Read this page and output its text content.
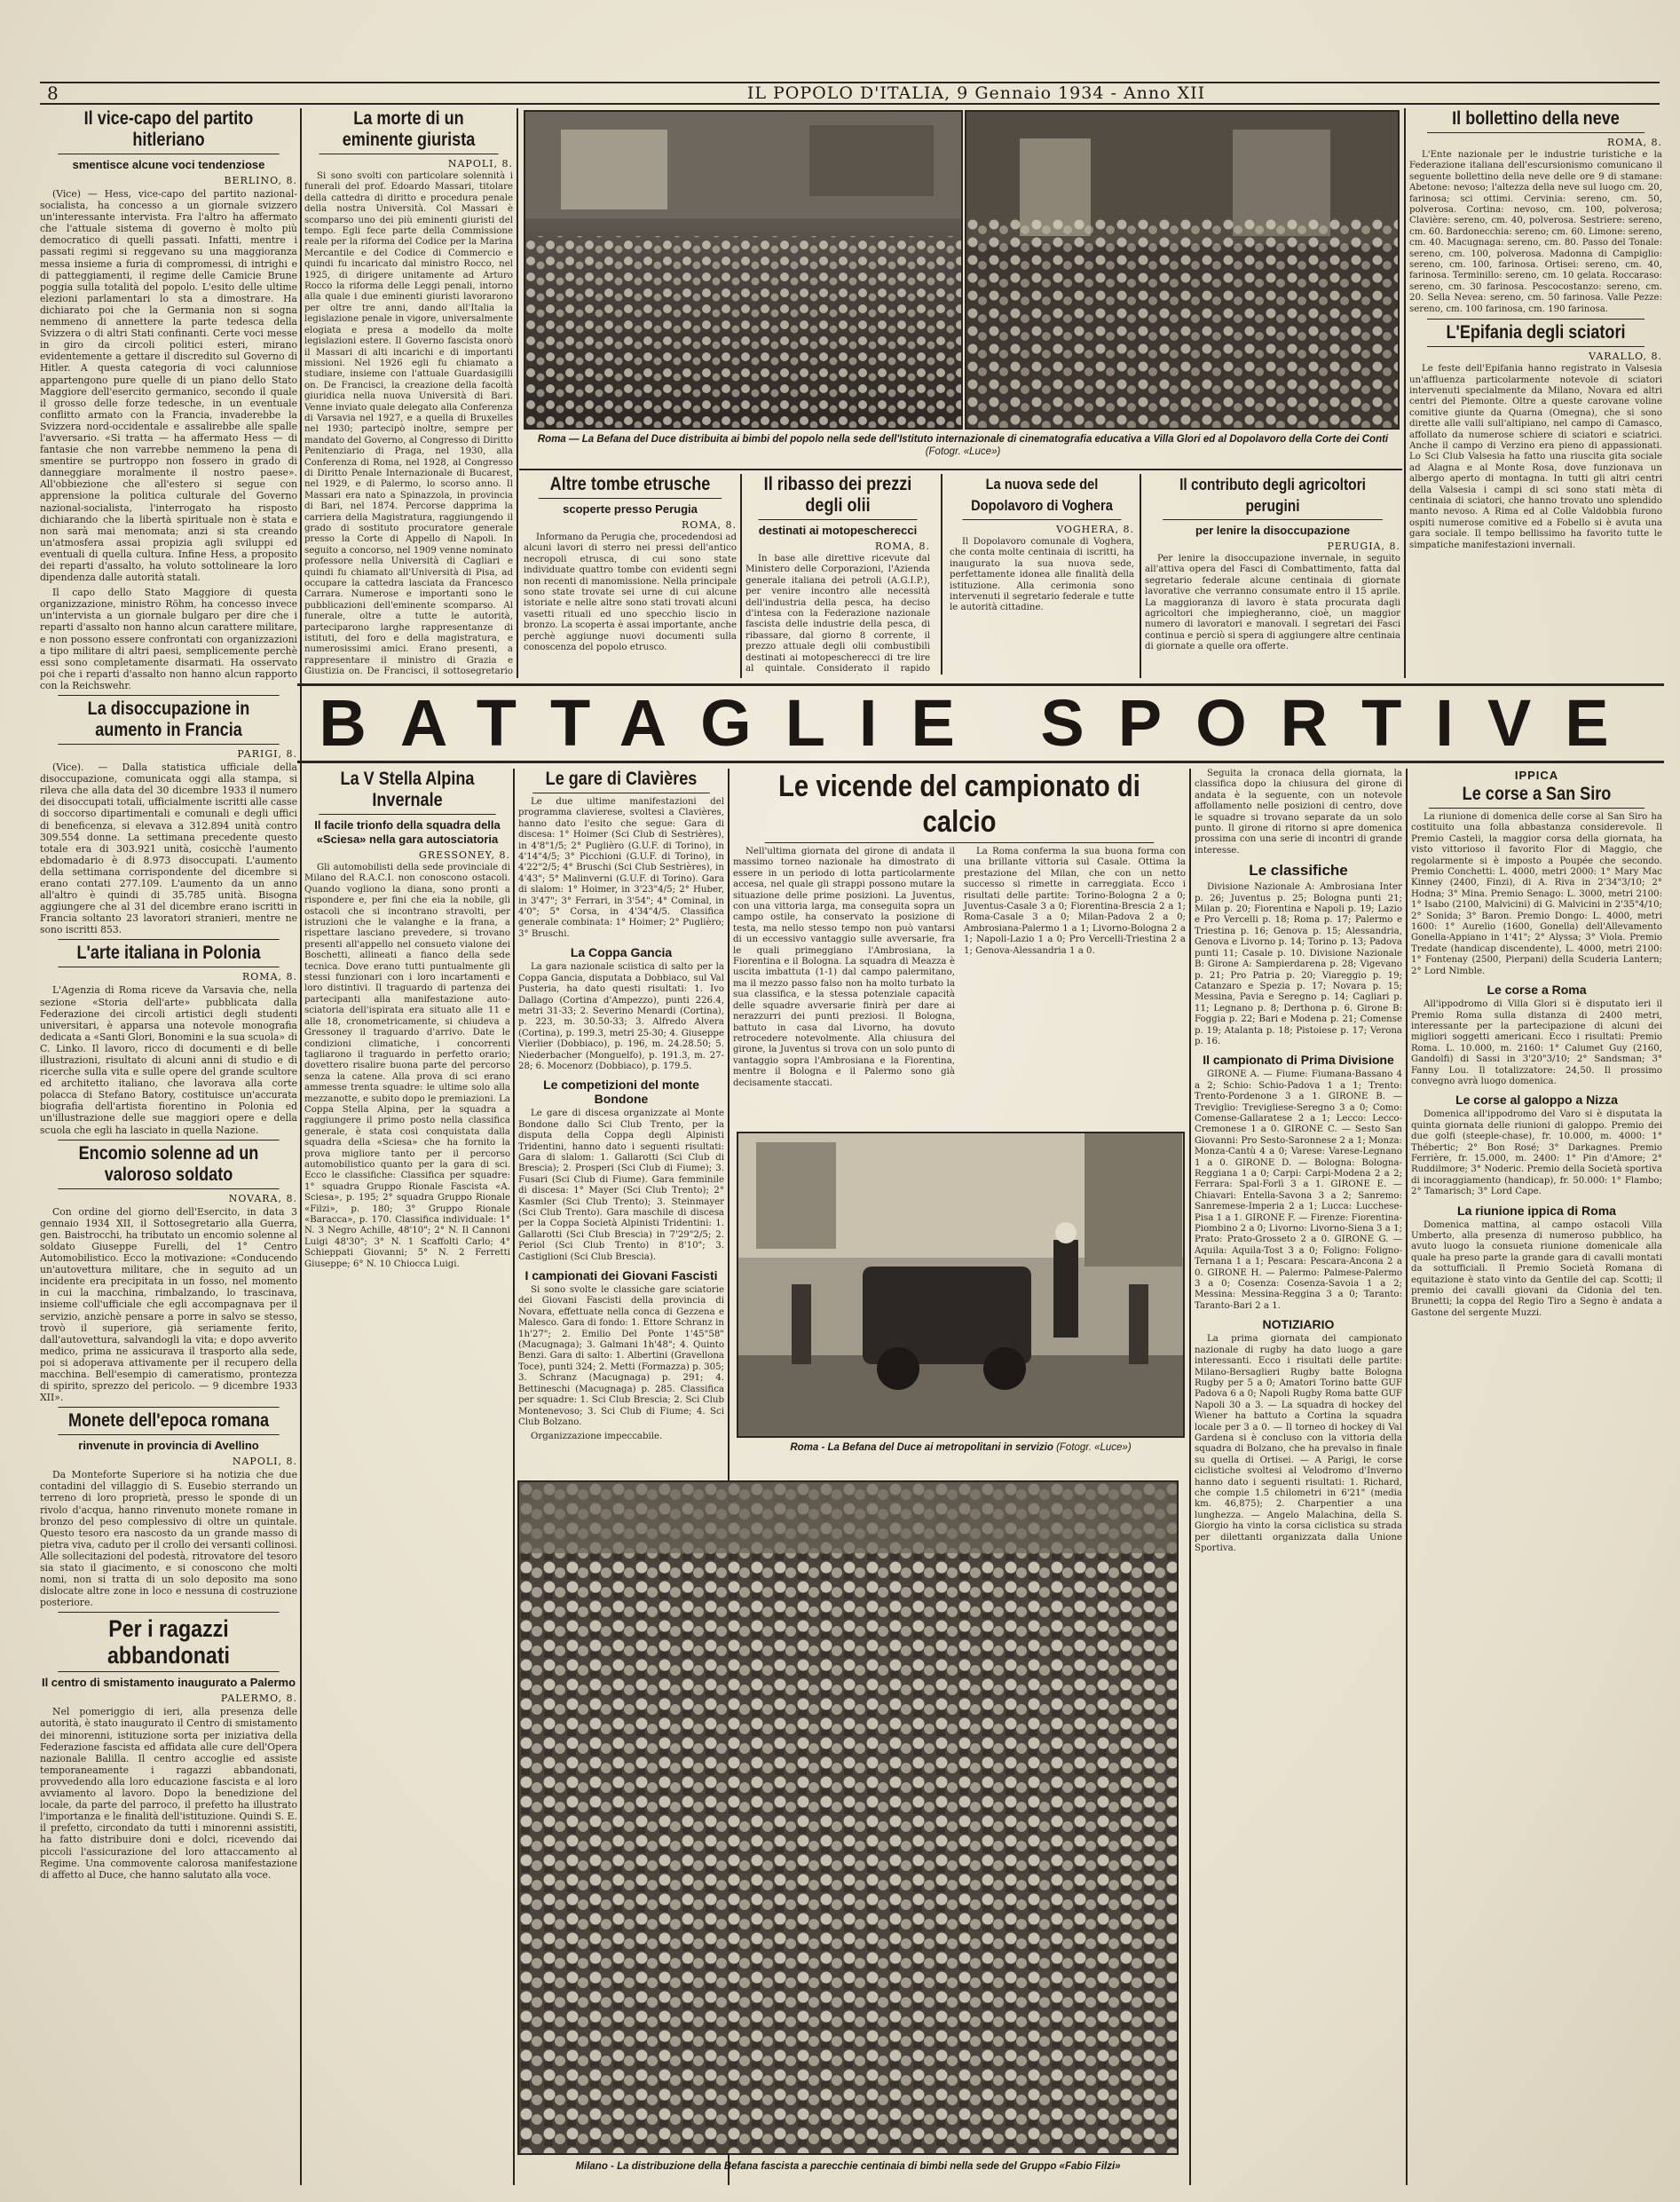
8	IL POPOLO D'ITALIA, 9 Gennaio 1934 - Anno XII
Il vice-capo del partito hitleriano
smentisce alcune voci tendenziose
BERLINO, 8.

(Vice) — Hess, vice-capo del partito nazional-socialista, ha concesso a un giornale svizzero un'interessante intervista. Fra l'altro ha affermato che l'attuale sistema di governo è molto più democratico di quelli passati. Infatti, mentre i passati regimi si reggevano su una maggioranza messa insieme a furia di compromessi, di intrighi e di patteggiamenti, il regime delle Camicie Brune poggia sulla totalità del popolo. L'esito delle ultime elezioni parlamentari lo sta a dimostrare. Ha dichiarato poi che la Germania non si sogna nemmeno di annettere la parte tedesca della Svizzera o di altri Stati confinanti. Certe voci messe in giro da circoli politici esteri, mirano evidentemente a gettare il discredito sul Governo di Hitler. A questa categoria di voci calunniose appartengono pure quelle di un piano dello Stato Maggiore dell'esercito germanico, secondo il quale il grosso delle forze tedesche, in un eventuale conflitto armato con la Francia, invaderebbe la Svizzera nord-occidentale e assalirebbe alle spalle l'avversario. «Si tratta — ha affermato Hess — di fantasie che non varrebbe nemmeno la pena di smentire se purtroppo non fossero in grado di danneggiare moralmente il nostro paese». All'obbiezione che all'estero si segue con apprensione la politica culturale del Governo nazional-socialista, l'interrogato ha risposto dichiarando che la libertà spirituale non è stata e non sarà mai menomata; anzi si sta creando un'atmosfera assai propizia agli sviluppi ed eventuali di quella cultura. Infine Hess, a proposito dei reparti d'assalto, ha voluto sottolineare la loro dipendenza dalle autorità statali.

Il capo dello Stato Maggiore di questa organizzazione, ministro Röhm, ha concesso invece un'intervista a un giornale bulgaro per dire che i reparti d'assalto non hanno alcun carattere militare, e non possono essere confrontati con organizzazioni a tipo militare di altri paesi, semplicemente perchè essi sono completamente disarmati. Ha osservato poi che i reparti d'assalto non hanno alcun rapporto con la Reichswehr.

La disoccupazione in aumento in Francia
PARIGI, 8.

(Vice). — Dalla statistica ufficiale della disoccupazione, comunicata oggi alla stampa, si rileva che alla data del 30 dicembre 1933 il numero dei disoccupati totali, ufficialmente iscritti alle casse di soccorso dipartimentali e comunali e degli uffici di beneficenza, si elevava a 312.894 unità contro 309.554 donne. La settimana precedente questo totale era di 303.921 unità, cosicchè l'aumento ebdomadario è di 8.973 disoccupati. L'aumento della settimana corrispondente del dicembre si erano contati 277.109. L'aumento da un anno all'altro è quindi di 35.785 unità. Bisogna aggiungere che al 31 del dicembre erano iscritti in Francia soltanto 23 lavoratori stranieri, mentre ne sono iscritti 853.

L'arte italiana in Polonia
ROMA, 8.

L'Agenzia di Roma riceve da Varsavia che, nella sezione «Storia dell'arte» pubblicata dalla Federazione dei circoli artistici degli studenti universitari, è apparsa una notevole monografia dedicata a «Santi Glori, Bonomini e la sua scuola» di C. Linko. Il lavoro, ricco di documenti e di belle illustrazioni, risultato di alcuni anni di studio e di ricerche sulla vita e sulle opere del grande scultore ed architetto italiano, che lavorava alla corte polacca di Stefano Batory, costituisce un'accurata biografia dell'artista fiorentino in Polonia ed un'illustrazione delle sue maggiori opere e della scuola che egli ha lasciato in quella Nazione.

Encomio solenne ad un valoroso soldato
NOVARA, 8.

Con ordine del giorno dell'Esercito, in data 3 gennaio 1934 XII, il Sottosegretario alla Guerra, gen. Baistrocchi, ha tributato un encomio solenne al soldato Giuseppe Furelli, del 1° Centro Automobilistico. Ecco la motivazione: «Conducendo un'autovettura militare, che in seguito ad un incidente era precipitata in un fosso, nel momento in cui la macchina, rimbalzando, lo trascinava, insieme coll'ufficiale che egli accompagnava per il servizio, anzichè pensare a porre in salvo se stesso, trovò il superiore, già seriamente ferito, dall'autovettura, salvandogli la vita; e dopo avverito medico, prima ne assicurava il trasporto alla sede, poi si adoperava attivamente per il recupero della macchina. Bell'esempio di cameratismo, prontezza di spirito, sprezzo del pericolo. — 9 dicembre 1933 XII».

Monete dell'epoca romana
rinvenute in provincia di Avellino
NAPOLI, 8.

Da Monteforte Superiore si ha notizia che due contadini del villaggio di S. Eusebio sterrando un terreno di loro proprietà, presso le sponde di un rivolo d'acqua, hanno rinvenuto monete romane in bronzo del peso complessivo di oltre un quintale. Questo tesoro era nascosto da un grande masso di pietra viva, caduto per il crollo dei versanti collinosi. Alle sollecitazioni del podestà, ritrovatore del tesoro sia stato il giacimento, e si conoscono che molti nomi, non si tratta di un solo deposito ma sono dislocate altre zone in loco e nessuna di costruzione posteriore.

Per i ragazzi abbandonati
Il centro di smistamento inaugurato a Palermo
PALERMO, 8.

Nel pomeriggio di ieri, alla presenza delle autorità, è stato inaugurato il Centro di smistamento dei minorenni, istituzione sorta per iniziativa della Federazione fascista ed affidata alle cure dell'Opera nazionale Balilla. Il centro accoglie ed assiste temporaneamente i ragazzi abbandonati, provvedendo alla loro educazione fascista e al loro avviamento al lavoro. Dopo la benedizione del locale, da parte del parroco, il prefetto ha illustrato l'importanza e le finalità dell'istituzione. Quindi S. E. il prefetto, circondato da tutti i minorenni assistiti, ha fatto distribuire doni e dolci, ricevendo dai piccoli l'assicurazione del loro attaccamento al Regime. Una commovente calorosa manifestazione di affetto al Duce, che hanno salutato alla voce.

La morte di un eminente giurista
NAPOLI, 8.

Si sono svolti con particolare solennità i funerali del prof. Edoardo Massari, titolare della cattedra di diritto e procedura penale della nostra Università. Col Massari è scomparso uno dei più eminenti giuristi del tempo. Egli fece parte della Commissione reale per la riforma del Codice per la Marina Mercantile e del Codice di Commercio e quindi fu incaricato dal ministro Rocco, nel 1925, di dirigere unitamente ad Arturo Rocco la riforma delle Leggi penali, intorno alla quale i due eminenti giuristi lavorarono per oltre tre anni, dando all'Italia la legislazione penale in vigore, universalmente elogiata e presa a modello da molte legislazioni estere. Il Governo fascista onorò il Massari di alti incarichi e di importanti missioni. Nel 1926 egli fu chiamato a studiare, insieme con l'attuale Guardasigilli on. De Francisci, la creazione della facoltà giuridica nella nuova Università di Bari. Venne inviato quale delegato alla Conferenza di Varsavia nel 1927, e a quella di Bruxelles nel 1930; partecipò inoltre, sempre per mandato del Governo, al Congresso di Diritto Penitenziario di Praga, nel 1930, alla Conferenza di Roma, nel 1928, al Congresso di Diritto Penale Internazionale di Bucarest, nel 1929, e di Palermo, lo scorso anno. Il Massari era nato a Spinazzola, in provincia di Bari, nel 1874. Percorse dapprima la carriera della Magistratura, raggiungendo il grado di sostituto procuratore generale presso la Corte di Appello di Napoli. In seguito a concorso, nel 1909 venne nominato professore nella Università di Cagliari e quindi fu chiamato all'Università di Pisa, ad occupare la cattedra lasciata da Francesco Carrara. Numerose e importanti sono le pubblicazioni dell'eminente scomparso. Al funerale, oltre a tutte le autorità, parteciparono larghe rappresentanze di istituti, del foro e della magistratura, e numerosissimi amici. Erano presenti, a rappresentare il ministro di Grazia e Giustizia on. De Francisci, il sottosegretario

Roma — La Befana del Duce distribuita ai bimbi del popolo nella sede dell'Istituto internazionale di cinematografia educativa a Villa Glori ed al Dopolavoro della Corte dei Conti (Fotogr. «Luce»)
Altre tombe etrusche
scoperte presso Perugia
ROMA, 8.

Informano da Perugia che, procedendosi ad alcuni lavori di sterro nei pressi dell'antico necropoli etrusca, di cui sono state individuate quattro tombe con evidenti segni non recenti di manomissione. Nella principale sono state trovate sei urne di cui alcune istoriate e nelle altre sono stati trovati alcuni vasetti rituali ed uno specchio liscio in bronzo. La scoperta è assai importante, anche perchè aggiunge nuovi documenti sulla conoscenza del popolo etrusco.

Il ribasso dei prezzi degli olii
destinati ai motopescherecci
ROMA, 8.

In base alle direttive ricevute dal Ministero delle Corporazioni, l'Azienda generale italiana dei petroli (A.G.I.P.), per venire incontro alle necessità dell'industria della pesca, ha deciso d'intesa con la Federazione nazionale fascista delle industrie della pesca, di ribassare, dal giorno 8 corrente, il prezzo attuale degli olii combustibili destinati ai motopescherecci di tre lire al quintale. Considerato il rapido

La nuova sede del Dopolavoro di Voghera
VOGHERA, 8.

Il Dopolavoro comunale di Voghera, che conta molte centinaia di iscritti, ha inaugurato la sua nuova sede, perfettamente idonea alle finalità della istituzione. Alla cerimonia sono intervenuti il segretario federale e tutte le autorità cittadine.

Il contributo degli agricoltori perugini
per lenire la disoccupazione
PERUGIA, 8.

Per lenire la disoccupazione invernale, in seguito all'attiva opera del Fasci di Combattimento, fatta dal segretario federale alcune centinaia di giornate lavorative che verranno consumate entro il 15 aprile. La maggioranza di lavoro è stata procurata dagli agricoltori che impiegheranno, cioè, un maggior numero di lavoratori e manovali. I segretari dei Fasci continua e perciò si spera di aggiungere altre centinaia di giornate a quelle ora offerte.

Il bollettino della neve
ROMA, 8.

L'Ente nazionale per le industrie turistiche e la Federazione italiana dell'escursionismo comunicano il seguente bollettino della neve delle ore 9 di stamane: Abetone: nevoso; l'altezza della neve sul luogo cm. 20, farinosa; sci ottimi. Cervinia: sereno, cm. 50, polverosa. Cortina: nevoso, cm. 100, polverosa; Clavière: sereno, cm. 40, polverosa. Sestriere: sereno, cm. 60. Bardonecchia: sereno; cm. 60. Limone: sereno, cm. 40. Macugnaga: sereno, cm. 80. Passo del Tonale: sereno, cm. 100, polverosa. Madonna di Campiglio: sereno, cm. 100, farinosa. Ortisei: sereno, cm. 40, farinosa. Terminillo: sereno, cm. 10 gelata. Roccaraso: sereno, cm. 30 farinosa. Pescocostanzo: sereno, cm. 20. Sella Nevea: sereno, cm. 50 farinosa. Valle Pezze: sereno, cm. 100 farinosa, cm. 190 farinosa.

L'Epifania degli sciatori
VARALLO, 8.

Le feste dell'Epifania hanno registrato in Valsesia un'affluenza particolarmente notevole di sciatori intervenuti specialmente da Milano, Novara ed altri centri del Piemonte. Oltre a queste carovane voline comitive giunte da Quarna (Omegna), che si sono dirette alle valli sull'altipiano, nel campo di Camasco, affollato da numerose schiere di sciatori e sciatrici. Anche il campo di Verzino era pieno di appassionati. Lo Sci Club Valsesia ha fatto una riuscita gita sociale ad Alagna e al Monte Rosa, dove funzionava un albergo aperto di montagna. In tutti gli altri centri della Valsesia i campi di sci sono stati mèta di centinaia di sciatori, che hanno trovato uno splendido manto nevoso. A Rima ed al Colle Valdobbia furono ospiti numerose comitive ed a Fobello si è avuta una gara sociale. Il tempo bellissimo ha favorito tutte le simpatiche manifestazioni invernali.

BATTAGLIE SPORTIVE
La V Stella Alpina Invernale
Il facile trionfo della squadra della «Sciesa» nella gara autosciatoria
GRESSONEY, 8.

Gli automobilisti della sede provinciale di Milano del R.A.C.I. non conoscono ostacoli. Quando vogliono la diana, sono pronti a rispondere e, per fini che eia la nobile, gli ostacoli che si incontrano stravolti, per istruzioni che le valanghe e la frana, a rispettare lasciano prevedere, si trovano presenti all'appello nel consueto vialone dei Boschetti, allineati a fianco della sede tecnica. Dove erano tutti puntualmente gli stessi funzionari con i loro incartamenti e loro distintivi. Il traguardo di partenza dei partecipanti alla manifestazione auto-sciatoria dell'ispirata era situato alle 11 e alle 18, cronometricamente, si chiudeva a Gressoney il traguardo d'arrivo. Date le condizioni climatiche, i concorrenti tagliarono il traguardo in perfetto orario; dovettero risalire buona parte del percorso senza la catene. Alla prova di sci erano ammesse trenta squadre: le ultime solo alla mezzanotte, e subito dopo le premiazioni. La Coppa Stella Alpina, per la squadra a raggiungere il primo posto nella classifica generale, è stata così conquistata dalla squadra della «Sciesa» che ha fornito la prova migliore tanto per il percorso automobilistico quanto per la gara di sci. Ecco le classifiche: Classifica per squadre: 1° squadra Gruppo Rionale Fascista «A. Sciesa», p. 195; 2° squadra Gruppo Rionale «Filzi», p. 180; 3° Gruppo Rionale «Baracca», p. 170. Classifica individuale: 1° N. 3 Negro Achille, 48'10"; 2° N. Il Cannoni Luigi 48'30"; 3° N. 1 Scaffolti Carlo; 4° Schieppati Giovanni; 5° N. 2 Ferretti Giuseppe; 6° N. 10 Chiocca Luigi.

Le gare di Clavières

Le due ultime manifestazioni del programma clavierese, svoltesi a Clavières, hanno dato l'esito che segue: Gara di discesa: 1° Hoimer (Sci Club di Sestrières), in 4'8"1/5; 2° Puglièro (G.U.F. di Torino), in 4'14"4/5; 3° Picchioni (G.U.F. di Torino), in 4'22"2/5; 4° Bruschi (Sci Club Sestrières), in 4'43"; 5° Malinverni (G.U.F. di Torino). Gara di slalom: 1° Hoimer, in 3'23"4/5; 2° Huber, in 3'47"; 3° Ferrari, in 3'54"; 4° Cominal, in 4'0"; 5° Corsa, in 4'34"4/5. Classifica generale combinata: 1° Hoimer; 2° Puglièro; 3° Bruschi.

La Coppa Gancia

La gara nazionale sciistica di salto per la Coppa Gancia, disputata a Dobbiaco, sul Val Pusteria, ha dato questi risultati: 1. Ivo Dallago (Cortina d'Ampezzo), punti 226.4, metri 31-33; 2. Severino Menardi (Cortina), p. 223, m. 30.50-33; 3. Alfredo Alvera (Cortina), p. 199.3, metri 25-30; 4. Giuseppe Vierlier (Dobbiaco), p. 196, m. 24.28.50; 5. Niederbacher (Monguelfo), p. 191.3, m. 27-28; 6. Mocenorz (Dobbiaco), p. 179.5.

Le competizioni del monte Bondone

Le gare di discesa organizzate al Monte Bondone dallo Sci Club Trento, per la disputa della Coppa degli Alpinisti Tridentini, hanno dato i seguenti risultati: Gara di slalom: 1. Gallarotti (Sci Club di Brescia); 2. Prosperi (Sci Club di Fiume); 3. Fusari (Sci Club di Fiume). Gara femminile di discesa: 1° Mayer (Sci Club Trento); 2° Kasmler (Sci Club Trento); 3. Steinmayer (Sci Club Trento). Gara maschile di discesa per la Coppa Società Alpinisti Tridentini: 1. Gallarotti (Sci Club Brescia) in 7'29"2/5; 2. Periol (Sci Club Trento) in 8'10"; 3. Castiglioni (Sci Club Brescia).

I campionati dei Giovani Fascisti

Si sono svolte le classiche gare sciatorie dei Giovani Fascisti della provincia di Novara, effettuate nella conca di Gezzena e Malesco. Gara di fondo: 1. Ettore Schranz in 1h'27"; 2. Emilio Del Ponte 1'45"58" (Macugnaga); 3. Galmani 1h'48"; 4. Quinto Benzi. Gara di salto: 1. Albertini (Gravellona Toce), punti 324; 2. Metti (Formazza) p. 305; 3. Schranz (Macugnaga) p. 291; 4. Bettineschi (Macugnaga) p. 285. Classifica per squadre: 1. Sci Club Brescia; 2. Sci Club Montenevoso; 3. Sci Club di Fiume; 4. Sci Club Bolzano.

Organizzazione impeccabile.

Le vicende del campionato di calcio

Nell'ultima giornata del girone di andata il massimo torneo nazionale ha dimostrato di essere in un periodo di lotta particolarmente accesa, nel quale gli strappi possono mutare la situazione delle prime posizioni. La Juventus, con una vittoria larga, ma conseguita sopra un campo ostile, ha conservato la posizione di testa, ma nello stesso tempo non può vantarsi di un eccessivo vantaggio sulle avversarie, fra le quali primeggiano l'Ambrosiana, la Fiorentina e il Bologna. La squadra di Meazza è uscita imbattuta (1-1) dal campo palermitano, ma il mezzo passo falso non ha molto turbato la sua classifica, e la stessa potenziale capacità delle squadre avversarie finirà per dare ai nerazzurri dei punti preziosi. Il Bologna, battuto in casa dal Livorno, ha dovuto retrocedere notevolmente. Alla chiusura del girone, la Juventus si trova con un solo punto di vantaggio sopra l'Ambrosiana e la Fiorentina, mentre il Bologna e il Palermo sono già decisamente staccati.

La Roma conferma la sua buona forma con una brillante vittoria sul Casale. Ottima la prestazione del Milan, che con un netto successo si rimette in carreggiata. Ecco i risultati delle partite: Torino-Bologna 2 a 0; Juventus-Casale 3 a 0; Fiorentina-Brescia 2 a 1; Roma-Casale 3 a 0; Milan-Padova 2 a 0; Ambrosiana-Palermo 1 a 1; Livorno-Bologna 2 a 1; Napoli-Lazio 1 a 0; Pro Vercelli-Triestina 2 a 1; Genova-Alessandria 1 a 0.

Roma - La Befana del Duce ai metropolitani in servizio (Fotogr. «Luce»)
Milano - La distribuzione della Befana fascista a parecchie centinaia di bimbi nella sede del Gruppo «Fabio Filzi»

Seguita la cronaca della giornata, la classifica dopo la chiusura del girone di andata è la seguente, con un notevole affollamento nelle posizioni di centro, dove le squadre si trovano separate da un solo punto. Il girone di ritorno si apre domenica prossima con una serie di incontri di grande interesse.

Le classifiche

Divisione Nazionale A: Ambrosiana Inter p. 26; Juventus p. 25; Bologna punti 21; Milan p. 20; Fiorentina e Napoli p. 19; Lazio e Pro Vercelli p. 18; Roma p. 17; Palermo e Triestina p. 16; Genova p. 15; Alessandria, Genova e Livorno p. 14; Torino p. 13; Padova punti 11; Casale p. 10. Divisione Nazionale B: Girone A: Sampierdarena p. 28; Vigevano p. 21; Pro Patria p. 20; Viareggio p. 19; Catanzaro e Spezia p. 17; Novara p. 15; Messina, Pavia e Seregno p. 14; Cagliari p. 11; Legnano p. 8; Derthona p. 6. Girone B: Foggia p. 22; Bari e Modena p. 21; Comense p. 19; Atalanta p. 18; Pistoiese p. 17; Verona p. 16.

Il campionato di Prima Divisione

GIRONE A. — Fiume: Fiumana-Bassano 4 a 2; Schio: Schio-Padova 1 a 1; Trento: Trento-Pordenone 3 a 1. GIRONE B. — Treviglio: Trevigliese-Seregno 3 a 0; Como: Comense-Gallaratese 2 a 1; Lecco: Lecco-Cremonese 1 a 0. GIRONE C. — Sesto San Giovanni: Pro Sesto-Saronnese 2 a 1; Monza: Monza-Cantù 4 a 0; Varese: Varese-Legnano 1 a 0. GIRONE D. — Bologna: Bologna-Reggiana 1 a 0; Carpi: Carpi-Modena 2 a 2; Ferrara: Spal-Forlì 3 a 1. GIRONE E. — Chiavari: Entella-Savona 3 a 2; Sanremo: Sanremese-Imperia 2 a 1; Lucca: Lucchese-Pisa 1 a 1. GIRONE F. — Firenze: Fiorentina-Piombino 2 a 0; Livorno: Livorno-Siena 3 a 1; Prato: Prato-Grosseto 2 a 0. GIRONE G. — Aquila: Aquila-Tost 3 a 0; Foligno: Foligno-Ternana 1 a 1; Pescara: Pescara-Ancona 2 a 0. GIRONE H. — Palermo: Palmese-Palermo 3 a 0; Cosenza: Cosenza-Savoia 1 a 2; Messina: Messina-Reggina 3 a 0; Taranto: Taranto-Bari 2 a 1.

NOTIZIARIO

La prima giornata del campionato nazionale di rugby ha dato luogo a gare interessanti. Ecco i risultati delle partite: Milano-Bersaglieri Rugby batte Bologna Rugby per 5 a 0; Amatori Torino batte GUF Padova 6 a 0; Napoli Rugby Roma batte GUF Napoli 30 a 3. — La squadra di hockey del Wiener ha battuto a Cortina la squadra locale per 3 a 0. — Il torneo di hockey di Val Gardena si è concluso con la vittoria della squadra di Bolzano, che ha prevalso in finale su quella di Ortisei. — A Parigi, le corse ciclistiche svoltesi al Velodromo d'Inverno hanno dato i seguenti risultati: 1. Richard, che compie 1.5 chilometri in 6'21" (media km. 46,875); 2. Charpentier a una lunghezza. — Angelo Malachina, della S. Giorgio ha vinto la corsa ciclistica su strada per dilettanti organizzata dalla Unione Sportiva.

IPPICA
Le corse a San Siro

La riunione di domenica delle corse al San Siro ha costituito una folla abbastanza considerevole. Il Premio Casteli, la maggior corsa della giornata, ha visto vittorioso il favorito Flor di Maggio, che regolarmente si è imposto a Poupée che secondo. Premio Conchetti: L. 4000, metri 2000: 1° Mary Mac Kinney (2400, Finzi), di A. Riva in 2'34"3/10; 2° Hodna; 3° Mina. Premio Senago: L. 3000, metri 2100: 1° Isabo (2100, Malvicini) di G. Malvicini in 2'35"4/10; 2° Sonida; 3° Baron. Premio Dongo: L. 4000, metri 1600: 1° Aurelio (1600, Gonella) dell'Allevamento Gonella-Appiano in 1'41"; 2° Alyssa; 3° Viola. Premio Tredate (handicap discendente), L. 4000, metri 2100: 1° Fontenay (2500, Pierpani) della Scuderia Lantern; 2° Lord Nimble.

Le corse a Roma

All'ippodromo di Villa Glori si è disputato ieri il Premio Roma sulla distanza di 2400 metri, interessante per la partecipazione di alcuni dei migliori soggetti americani. Ecco i risultati: Premio Roma. L. 10.000, m. 2160: 1° Calumet Guy (2160, Gandolfi) di Sassi in 3'20"3/10; 2° Sandsman; 3° Fanny Lou. Il totalizzatore: 24,50. Il prossimo convegno avrà luogo domenica.

Le corse al galoppo a Nizza

Domenica all'ippodromo del Varo si è disputata la quinta giornata delle riunioni di galoppo. Premio dei due golfi (steeple-chase), fr. 10.000, m. 4000: 1° Thébertic; 2° Bon Rosé; 3° Darkagnes. Premio Ferrière, fr. 15.000, m. 2400: 1° Pin d'Amore; 2° Ruddilmore; 3° Noderic. Premio della Società sportiva di incoraggiamento (handicap), fr. 50.000: 1° Flambo; 2° Tamarisch; 3° Lord Cape.

La riunione ippica di Roma

Domenica mattina, al campo ostacoli Villa Umberto, alla presenza di numeroso pubblico, ha avuto luogo la consueta riunione domenicale alla quale ha preso parte la grande gara di cavalli montati da sottufficiali. Il Premio Società Romana di equitazione è stato vinto da Gentile del cap. Scotti; il premio dei cavalli giovani da Cidonia del ten. Brunetti; la coppa del Regio Tiro a Segno è andata a Gastone del sergente Muzzi.
